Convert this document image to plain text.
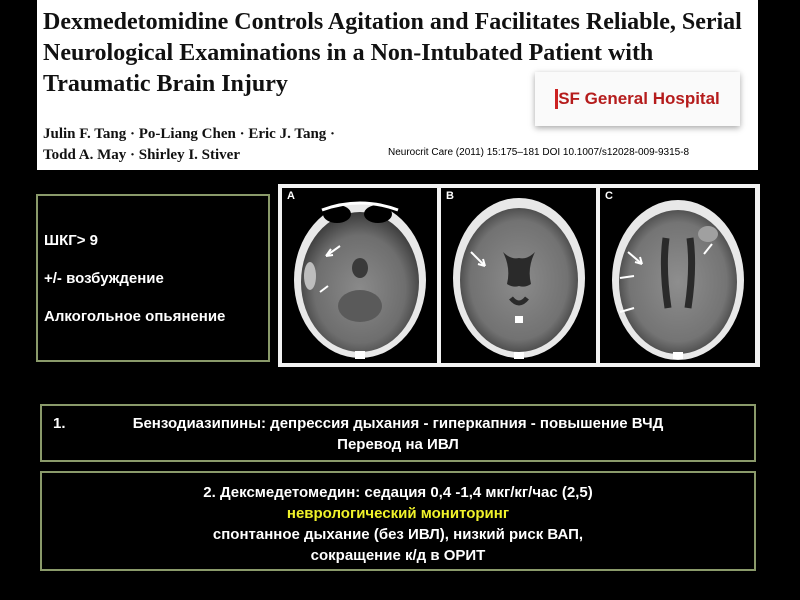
Dexmedetomidine Controls Agitation and Facilitates Reliable, Serial Neurological Examinations in a Non-Intubated Patient with Traumatic Brain Injury
Julin F. Tang · Po-Liang Chen · Eric J. Tang ·
Todd A. May · Shirley I. Stiver
SF General Hospital
Neurocrit Care (2011) 15:175–181 DOI 10.1007/s12028-009-9315-8

ШКГ> 9

+/- возбуждение

Алкогольное опьянение

A	B	C
1.	Бензодиазипины: депрессия дыхания - гиперкапния - повышение ВЧД
Перевод на ИВЛ
2. Дексмедетомедин: седация 0,4 -1,4 мкг/кг/час (2,5)
неврологический мониторинг
спонтанное дыхание (без ИВЛ), низкий риск ВАП,
сокращение к/д в ОРИТ
